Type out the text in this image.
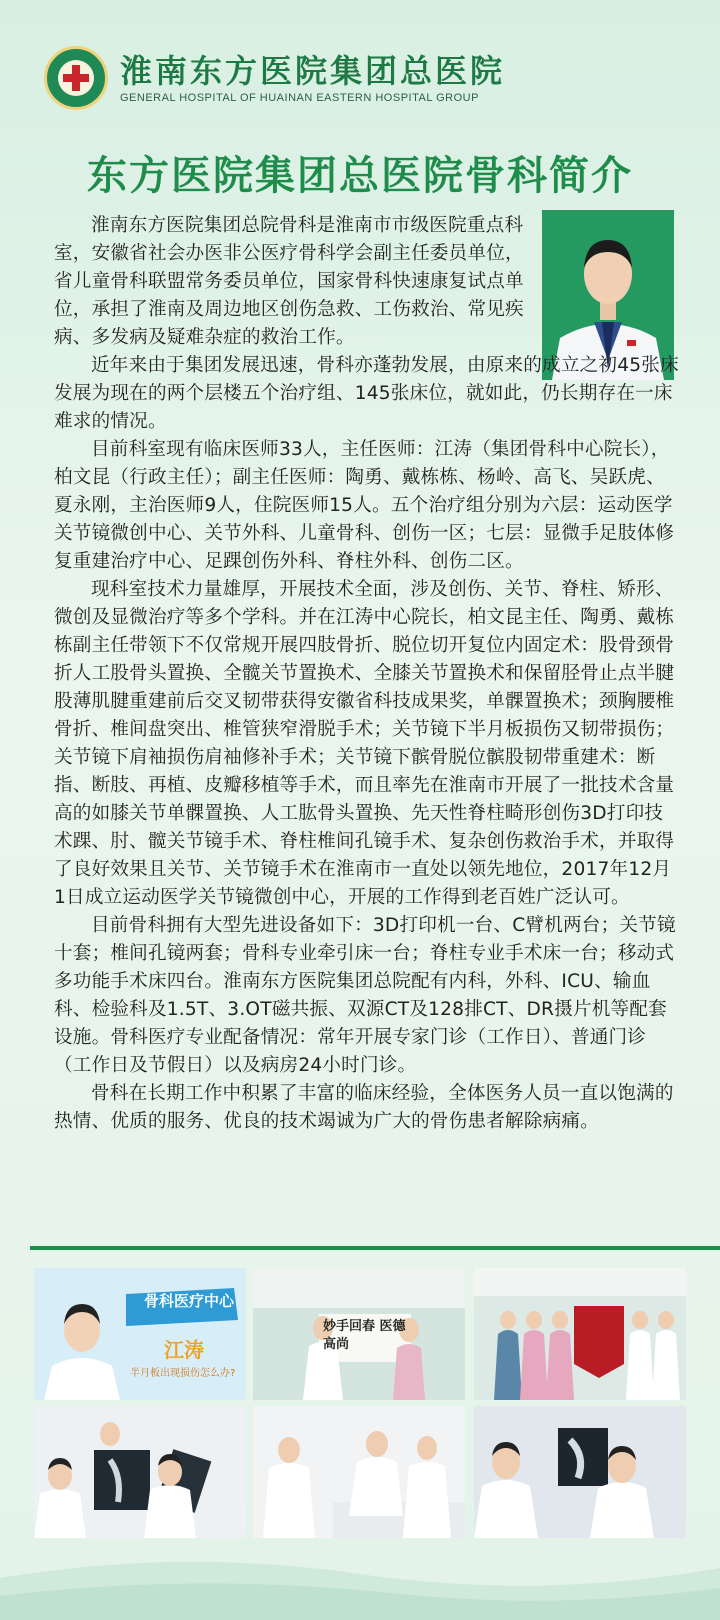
淮南东方医院集团总医院
GENERAL HOSPITAL OF HUAINAN EASTERN HOSPITAL GROUP
东方医院集团总医院骨科简介

淮南东方医院集团总院骨科是淮南市市级医院重点科室，安徽省社会办医非公医疗骨科学会副主任委员单位，省儿童骨科联盟常务委员单位，国家骨科快速康复试点单位，承担了淮南及周边地区创伤急救、工伤救治、常见疾病、多发病及疑难杂症的救治工作。

近年来由于集团发展迅速，骨科亦蓬勃发展，由原来的成立之初45张床发展为现在的两个层楼五个治疗组、145张床位，就如此，仍长期存在一床难求的情况。

目前科室现有临床医师33人，主任医师：江涛（集团骨科中心院长），柏文昆（行政主任）；副主任医师：陶勇、戴栋栋、杨岭、高飞、吴跃虎、夏永刚，主治医师9人，住院医师15人。五个治疗组分别为六层：运动医学关节镜微创中心、关节外科、儿童骨科、创伤一区；七层：显微手足肢体修复重建治疗中心、足踝创伤外科、脊柱外科、创伤二区。

现科室技术力量雄厚，开展技术全面，涉及创伤、关节、脊柱、矫形、微创及显微治疗等多个学科。并在江涛中心院长，柏文昆主任、陶勇、戴栋栋副主任带领下不仅常规开展四肢骨折、脱位切开复位内固定术：股骨颈骨折人工股骨头置换、全髋关节置换术、全膝关节置换术和保留胫骨止点半腱股薄肌腱重建前后交叉韧带获得安徽省科技成果奖，单髁置换术；颈胸腰椎骨折、椎间盘突出、椎管狭窄滑脱手术；关节镜下半月板损伤又韧带损伤；关节镜下肩袖损伤肩袖修补手术；关节镜下髌骨脱位髌股韧带重建术：断指、断肢、再植、皮瓣移植等手术，而且率先在淮南市开展了一批技术含量高的如膝关节单髁置换、人工肱骨头置换、先天性脊柱畸形创伤3D打印技术踝、肘、髋关节镜手术、脊柱椎间孔镜手术、复杂创伤救治手术，并取得了良好效果且关节、关节镜手术在淮南市一直处以领先地位，2017年12月1日成立运动医学关节镜微创中心，开展的工作得到老百姓广泛认可。

目前骨科拥有大型先进设备如下：3D打印机一台、C臂机两台；关节镜十套；椎间孔镜两套；骨科专业牵引床一台；脊柱专业手术床一台；移动式多功能手术床四台。淮南东方医院集团总院配有内科，外科、ICU、输血科、检验科及1.5T、3.OT磁共振、双源CT及128排CT、DR摄片机等配套设施。骨科医疗专业配备情况：常年开展专家门诊（工作日）、普通门诊（工作日及节假日）以及病房24小时门诊。

骨科在长期工作中积累了丰富的临床经验，全体医务人员一直以饱满的热情、优质的服务、优良的技术竭诚为广大的骨伤患者解除病痛。

骨科医疗中心
江涛
半月板出现损伤怎么办?
妙手回春 医德高尚
